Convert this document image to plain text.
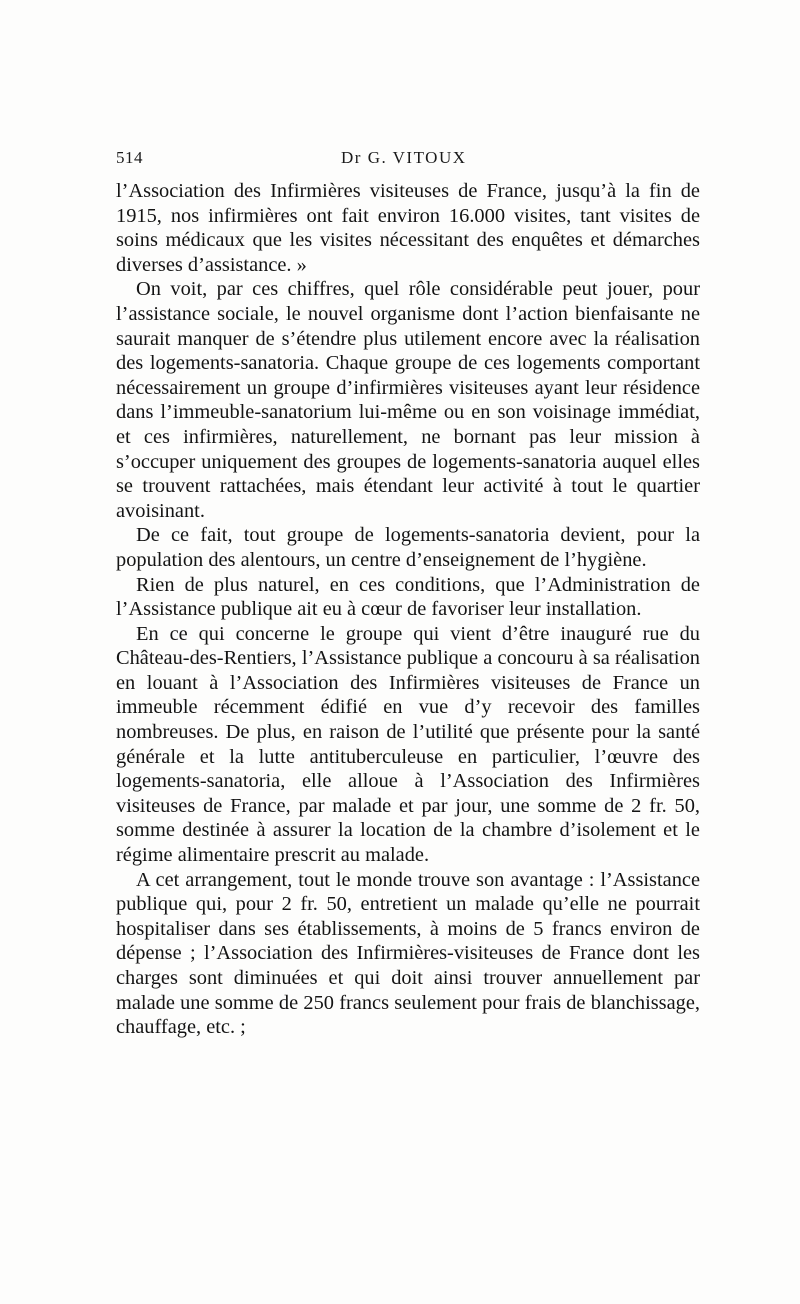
514	Dr G. VITOUX

l’Association des Infirmières visiteuses de France, jusqu’à la fin de 1915, nos infirmières ont fait environ 16.000 visites, tant visites de soins médicaux que les visites nécessitant des enquêtes et démarches diverses d’assistance. »

On voit, par ces chiffres, quel rôle considérable peut jouer, pour l’assistance sociale, le nouvel organisme dont l’action bienfaisante ne saurait manquer de s’étendre plus utilement encore avec la réalisation des logements-sanatoria. Chaque groupe de ces logements comportant nécessairement un groupe d’infirmières visiteuses ayant leur résidence dans l’immeuble-sanatorium lui-même ou en son voisinage immédiat, et ces infirmières, naturellement, ne bornant pas leur mission à s’occuper uniquement des groupes de logements-sanatoria auquel elles se trouvent rattachées, mais étendant leur activité à tout le quartier avoisinant.

De ce fait, tout groupe de logements-sanatoria devient, pour la population des alentours, un centre d’enseignement de l’hygiène.

Rien de plus naturel, en ces conditions, que l’Administration de l’Assistance publique ait eu à cœur de favoriser leur installation.

En ce qui concerne le groupe qui vient d’être inauguré rue du Château-des-Rentiers, l’Assistance publique a concouru à sa réalisation en louant à l’Association des Infirmières visiteuses de France un immeuble récemment édifié en vue d’y recevoir des familles nombreuses. De plus, en raison de l’utilité que présente pour la santé générale et la lutte antituberculeuse en particulier, l’œuvre des logements-sanatoria, elle alloue à l’Association des Infirmières visiteuses de France, par malade et par jour, une somme de 2 fr. 50, somme destinée à assurer la location de la chambre d’isolement et le régime alimentaire prescrit au malade.

A cet arrangement, tout le monde trouve son avantage : l’Assistance publique qui, pour 2 fr. 50, entretient un malade qu’elle ne pourrait hospitaliser dans ses établissements, à moins de 5 francs environ de dépense ; l’Association des Infirmières-visiteuses de France dont les charges sont diminuées et qui doit ainsi trouver annuellement par malade une somme de 250 francs seulement pour frais de blanchissage, chauffage, etc. ;
